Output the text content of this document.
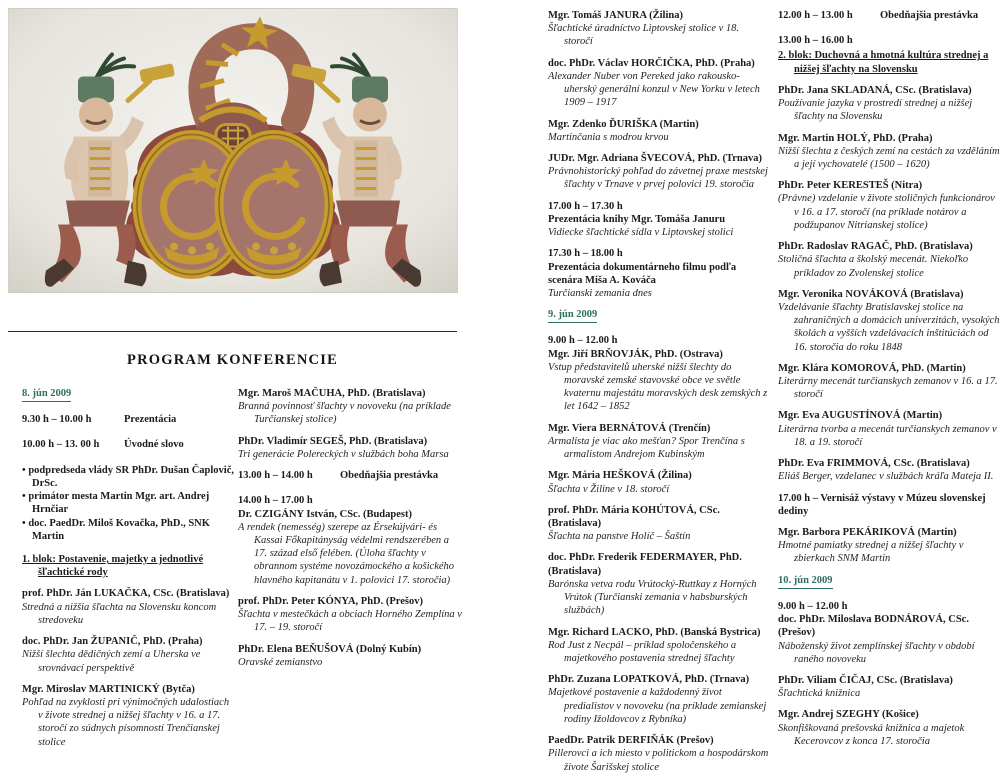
PROGRAM KONFERENCIE
8. jún 2009
9.30 h – 10.00 h	Prezentácia
10.00 h – 13. 00 h Úvodné slovo
• podpredseda vlády SR PhDr. Dušan Čaplovič, DrSc.
• primátor mesta Martin Mgr. art. Andrej Hrnčiar
• doc. PaedDr. Miloš Kovačka, PhD., SNK Martin
1. blok: Postavenie, majetky a jednotlivé šľachtické rody
prof. PhDr. Ján LUKAČKA, CSc. (Bratislava)
Stredná a nižšia šľachta na Slovensku koncom stredoveku
doc. PhDr. Jan ŽUPANIČ, PhD. (Praha)
Nižší šlechta dědičných zemí a Uherska ve srovnávací perspektivě
Mgr. Miroslav MARTINICKÝ (Bytča)
Pohľad na zvyklosti pri výnimočných udalostiach v živote strednej a nižšej šľachty v 16. a 17. storočí zo súdnych písomností Trenčianskej stolice
Mgr. Maroš MAČUHA, PhD. (Bratislava)
Branná povinnosť šľachty v novoveku (na príklade Turčianskej stolice)
PhDr. Vladimír SEGEŠ, PhD. (Bratislava)
Tri generácie Polereckých v službách boha Marsa
13.00 h – 14.00 h	Obedňajšia prestávka
14.00 h – 17.00 h
Dr. CZIGÁNY István, CSc. (Budapest)
A rendek (nemesség) szerepe az Érsekújvári- és Kassai Főkapitányság védelmi rendszerében a 17. század első felében. (Úloha šľachty v obrannom systéme novozámockého a košického hlavného kapitanátu v 1. polovici 17. storočia)
prof. PhDr. Peter KÓNYA, PhD. (Prešov)
Šľachta v mestečkách a obciach Horného Zemplína v 17. – 19. storočí
PhDr. Elena BEŇUŠOVÁ (Dolný Kubín)
Oravské zemianstvo
Mgr. Tomáš JANURA (Žilina)
Šľachtické úradníctvo Liptovskej stolice v 18. storočí
doc. PhDr. Václav HORČIČKA, PhD. (Praha)
Alexander Nuber von Pereked jako rakousko-uherský generální konzul v New Yorku v letech 1909 – 1917
Mgr. Zdenko ĎURIŠKA (Martin)
Martinčania s modrou krvou
JUDr. Mgr. Adriana ŠVECOVÁ, PhD. (Trnava)
Právnohistorický pohľad do závetnej praxe mestskej šľachty v Trnave v prvej polovici 19. storočia
17.00 h – 17.30 h
Prezentácia knihy Mgr. Tomáša Januru
Vidiecke šľachtické sídla v Liptovskej stolici
17.30 h – 18.00 h
Prezentácia dokumentárneho filmu podľa scenára Miša A. Kováča
Turčianski zemania dnes
9. jún 2009
9.00 h – 12.00 h
Mgr. Jiří BRŇOVJÁK, PhD. (Ostrava)
Vstup představitelů uherské nižší šlechty do moravské zemské stavovské obce ve světle kvaternu majestátu moravských desk zemských z let 1642 – 1852
Mgr. Viera BERNÁTOVÁ (Trenčín)
Armalista je viac ako mešťan? Spor Trenčína s armalistom Andrejom Kubinským
Mgr. Mária HEŠKOVÁ (Žilina)
Šľachta v Žiline v 18. storočí
prof. PhDr. Mária KOHÚTOVÁ, CSc. (Bratislava)
Šľachta na panstve Holíč – Šaštín
doc. PhDr. Frederik FEDERMAYER, PhD. (Bratislava)
Barónska vetva rodu Vrútocký-Ruttkay z Horných Vrútok (Turčianski zemania v habsburských službách)
Mgr. Richard LACKO, PhD. (Banská Bystrica)
Rod Just z Necpál – príklad spoločenského a majetkového postavenia strednej šľachty
PhDr. Zuzana LOPATKOVÁ, PhD. (Trnava)
Majetkové postavenie a každodenný život predialistov v novoveku (na príklade zemianskej rodiny Ižoldovcov z Rybníka)
PaedDr. Patrik DERFIŇÁK (Prešov)
Pillerovci a ich miesto v politickom a hospodárskom živote Šarišskej stolice
12.00 h – 13.00 h	Obedňajšia prestávka
13.00 h – 16.00 h
2. blok: Duchovná a hmotná kultúra strednej a nižšej šľachty na Slovensku
PhDr. Jana SKLADANÁ, CSc. (Bratislava)
Používanie jazyka v prostredí strednej a nižšej šľachty na Slovensku
Mgr. Martin HOLÝ, PhD. (Praha)
Nižší šlechta z českých zemí na cestách za vzděláním a její vychovatelé (1500 – 1620)
PhDr. Peter KERESTEŠ (Nitra)
(Právne) vzdelanie v živote stoličných funkcionárov v 16. a 17. storočí (na príklade notárov a podžupanov Nitrianskej stolice)
PhDr. Radoslav RAGAČ, PhD. (Bratislava)
Stoličná šľachta a školský mecenát. Niekoľko príkladov zo Zvolenskej stolice
Mgr. Veronika NOVÁKOVÁ (Bratislava)
Vzdelávanie šľachty Bratislavskej stolice na zahraničných a domácich univerzitách, vysokých školách a vyšších vzdelávacích inštitúciách od 16. storočia do roku 1848
Mgr. Klára KOMOROVÁ, PhD. (Martin)
Literárny mecenát turčianskych zemanov v 16. a 17. storočí
Mgr. Eva AUGUSTÍNOVÁ (Martin)
Literárna tvorba a mecenát turčianskych zemanov v 18. a 19. storočí
PhDr. Eva FRIMMOVÁ, CSc. (Bratislava)
Eliáš Berger, vzdelanec v službách kráľa Mateja II.
17.00 h – Vernisáž výstavy v Múzeu slovenskej dediny
Mgr. Barbora PEKÁRIKOVÁ (Martin)
Hmotné pamiatky strednej a nižšej šľachty v zbierkach SNM Martin
10. jún 2009
9.00 h – 12.00 h
doc. PhDr. Miloslava BODNÁROVÁ, CSc. (Prešov)
Náboženský život zemplínskej šľachty v období raného novoveku
PhDr. Viliam ČIČAJ, CSc. (Bratislava)
Šľachtická knižnica
Mgr. Andrej SZEGHY (Košice)
Skonfiškovaná prešovská knižnica a majetok Kecerovcov z konca 17. storočia
